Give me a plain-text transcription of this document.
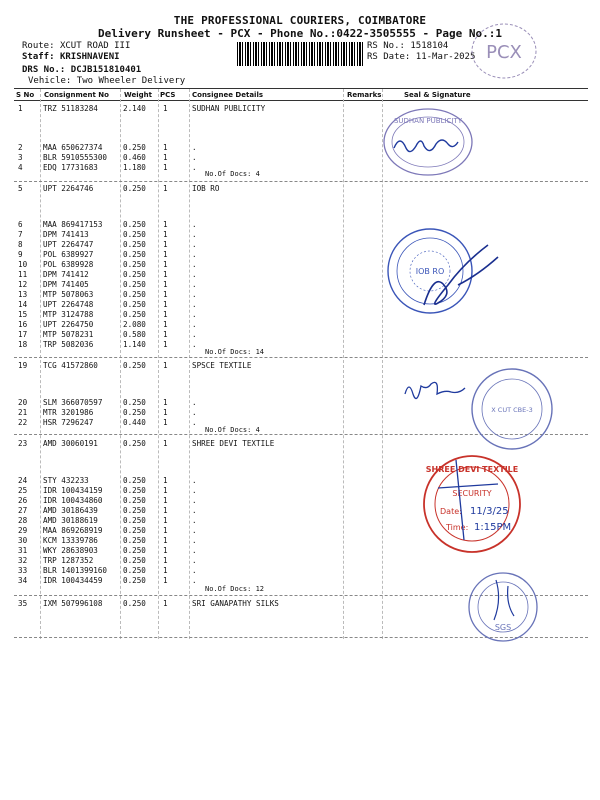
THE PROFESSIONAL COURIERS, COIMBATORE
Delivery Runsheet - PCX - Phone No.:0422-3505555 - Page No.:1
Route: XCUT ROAD III
Staff: KRISHNAVENI
DRS No.: DCJB151810401
Vehicle: Two Wheeler Delivery
RS No.: 1518104
RS Date: 11-Mar-2025 PCX
S No Consignment No Weight PCS Consignee Details	Remarks	Seal & Signature
1	TRZ 51183284	2.140 1	SUDHAN PUBLICITY
2	MAA 650627374	0.250 1	.
3	BLR 5910555300 0.460 1	.
4	EDQ 17731683	1.180 1	.
5	UPT 2264746	0.250 1	IOB RO
6	MAA 869417153	0.250 1	.
7	DPM 741413	0.250 1	.
8	UPT 2264747	0.250 1	.
9	POL 6389927	0.250 1	.
10 POL 6389928	0.250 1	.
11 DPM 741412	0.250 1	.
12 DPM 741405	0.250 1	.
13 MTP 5078063	0.250 1	.
14 UPT 2264748	0.250 1	.
15 MTP 3124788	0.250 1	.
16 UPT 2264750	2.080 1	.
17 MTP 5078231	0.580 1	.
18 TRP 5082036	1.140 1	.
19 TCG 41572860	0.250 1	SPSCE TEXTILE
20 SLM 366070597	0.250 1	.
21 MTR 3201986	0.250 1	.
22 HSR 7296247	0.440 1	.
23 AMD 30060191	0.250 1	SHREE DEVI TEXTILE
24 STY 432233	0.250 1	.
25 IDR 100434159	0.250 1	.
26 IDR 100434860	0.250 1	.
27 AMD 30186439	0.250 1	.
28 AMD 30188619	0.250 1	.
29 MAA 869268919	0.250 1	.
30 KCM 13339786	0.250 1	.
31 WKY 28638903	0.250 1	.
32 TRP 1287352	0.250 1	.
33 BLR 1401399160 0.250 1	.
34 IDR 100434459	0.250 1	.
35 IXM 507996108	0.250 1	SRI GANAPATHY SILKS
No.Of Docs: 4
No.Of Docs: 14
No.Of Docs: 4
No.Of Docs: 12
SUDHAN PUBLICITY
IOB RO
X CUT CBE-3
SHREE DEVI TEXTILE
SECURITY
Date: 11/3/25
Time: 1:15PM
SGS
